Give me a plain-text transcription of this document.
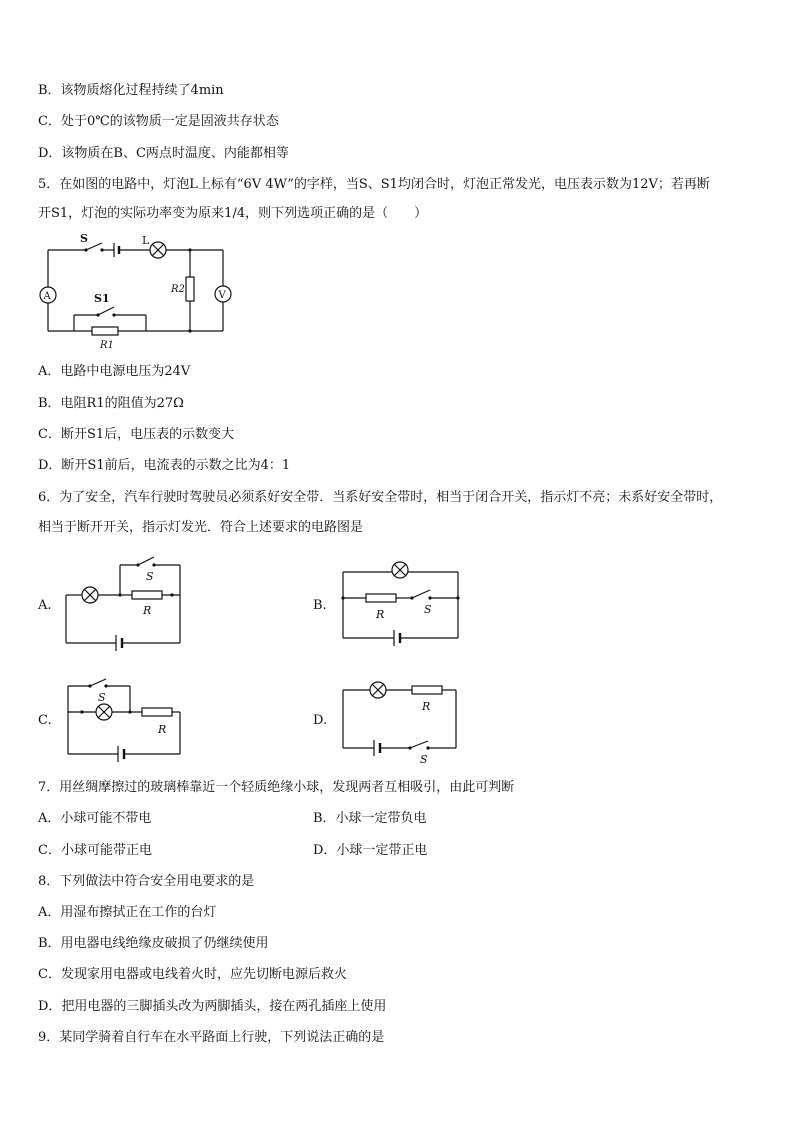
B．该物质熔化过程持续了4min
C．处于0℃的该物质一定是固液共存状态
D．该物质在B、C两点时温度、内能都相等
5．在如图的电路中，灯泡L上标有“6V 4W”的字样，当S、S1均闭合时，灯泡正常发光，电压表示数为12V；若再断
开S1，灯泡的实际功率变为原来1/4，则下列选项正确的是（　　）
S	L
V
R2
A	S1
R1
A．电路中电源电压为24V
B．电阻R1的阻值为27Ω
C．断开S1后，电压表的示数变大
D．断开S1前后，电流表的示数之比为4：1
6．为了安全，汽车行驶时驾驶员必须系好安全带．当系好安全带时，相当于闭合开关，指示灯不亮；未系好安全带时，
相当于断开开关，指示灯发光．符合上述要求的电路图是
A.
S
R	B.
R	S
C.
S
R
D.
R
S
7．用丝绸摩擦过的玻璃棒靠近一个轻质绝缘小球，发现两者互相吸引，由此可判断
A．小球可能不带电	B．小球一定带负电
C．小球可能带正电	D．小球一定带正电
8．下列做法中符合安全用电要求的是
A．用湿布擦拭正在工作的台灯
B．用电器电线绝缘皮破损了仍继续使用
C．发现家用电器或电线着火时，应先切断电源后救火
D．把用电器的三脚插头改为两脚插头，接在两孔插座上使用
9．某同学骑着自行车在水平路面上行驶，下列说法正确的是
